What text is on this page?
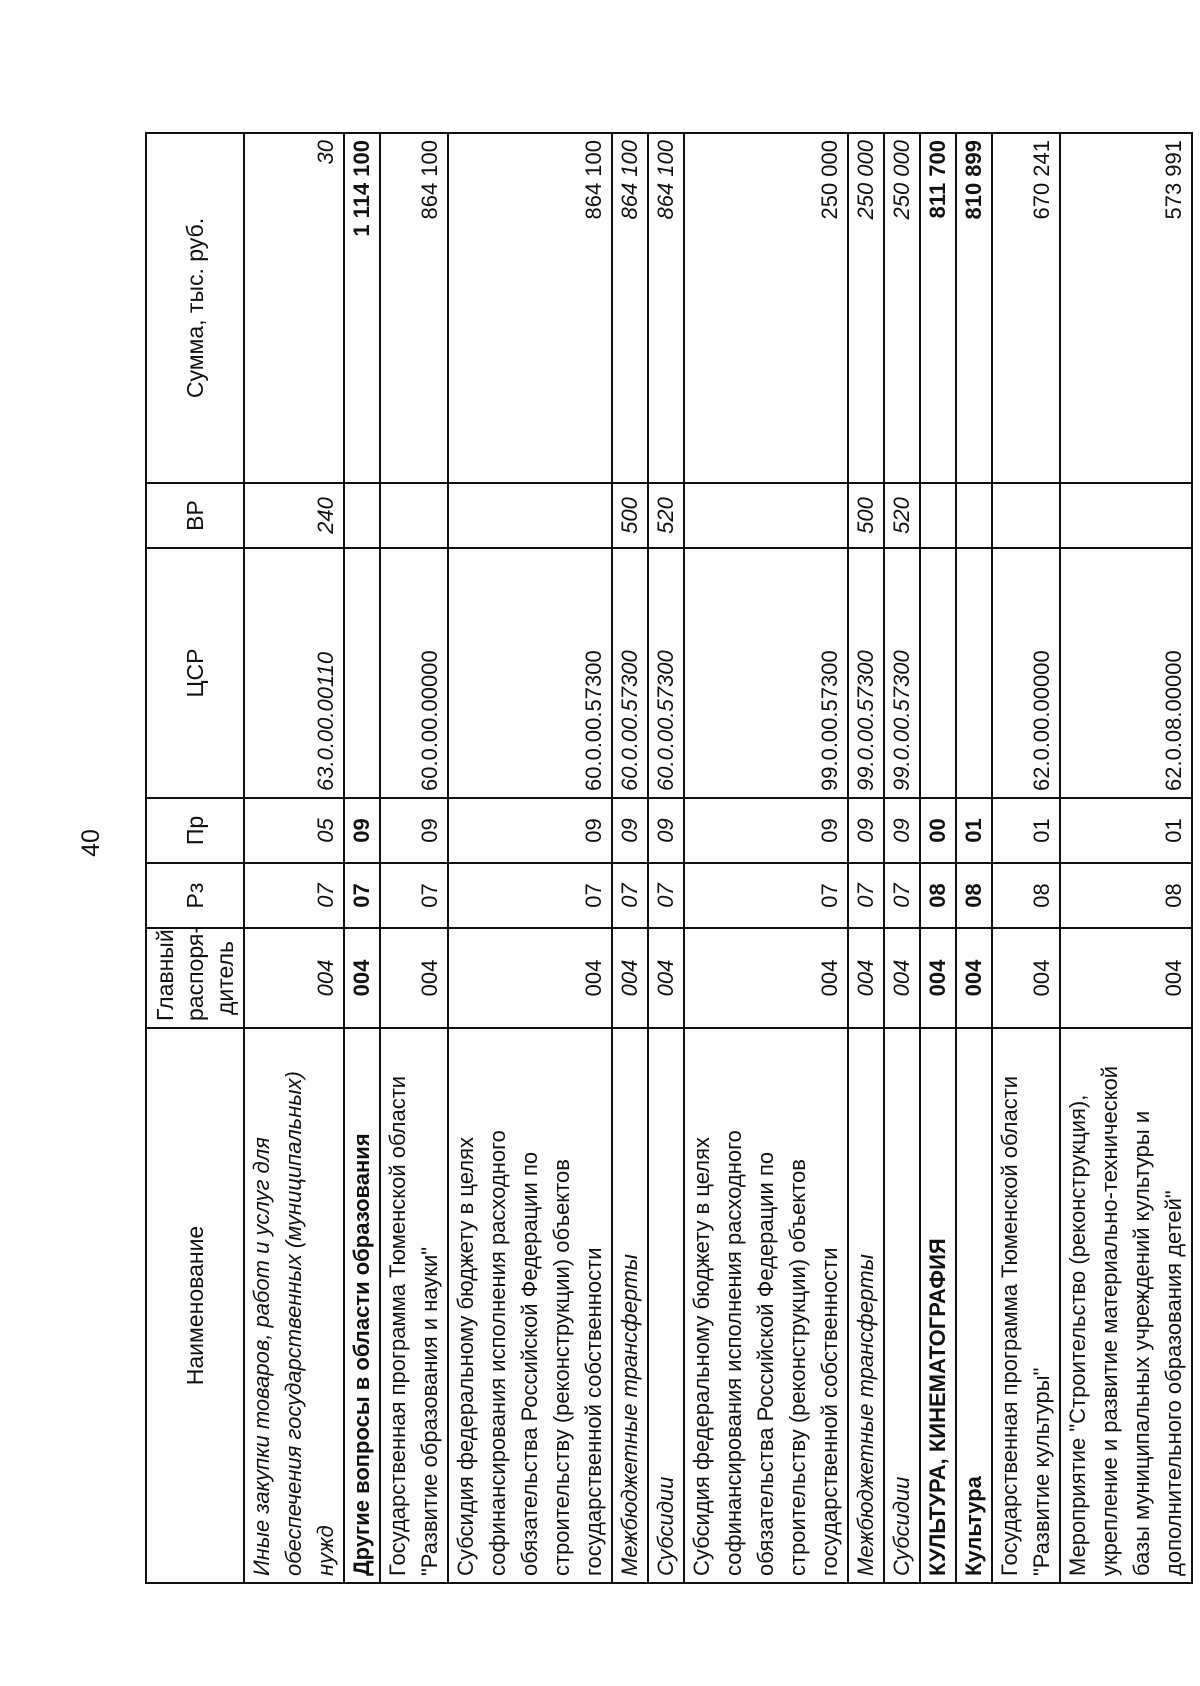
40
Наименование	Главный распоря-дитель	Рз	Пр	ЦСР	ВР	Сумма, тыс. руб.
Иные закупки товаров, работ и услуг для обеспечения государственных (муниципальных) нужд	004	07	05	63.0.00.00110	240	30
Другие вопросы в области образования	004	07	09			1 114 100
Государственная программа Тюменской области "Развитие образования и науки"	004	07	09	60.0.00.00000		864 100
Субсидия федеральному бюджету в целях софинансирования исполнения расходного обязательства Российской Федерации по строительству (реконструкции) объектов государственной собственности	004	07	09	60.0.00.57300		864 100
Межбюджетные трансферты	004	07	09	60.0.00.57300	500	864 100
Субсидии	004	07	09	60.0.00.57300	520	864 100
Субсидия федеральному бюджету в целях софинансирования исполнения расходного обязательства Российской Федерации по строительству (реконструкции) объектов государственной собственности	004	07	09	99.0.00.57300		250 000
Межбюджетные трансферты	004	07	09	99.0.00.57300	500	250 000
Субсидии	004	07	09	99.0.00.57300	520	250 000
КУЛЬТУРА, КИНЕМАТОГРАФИЯ	004	08	00			811 700
Культура	004	08	01			810 899
Государственная программа Тюменской области "Развитие культуры"	004	08	01	62.0.00.00000		670 241
Мероприятие "Строительство (реконструкция), укрепление и развитие материально-технической базы муниципальных учреждений культуры и дополнительного образования детей"	004	08	01	62.0.08.00000		573 991
